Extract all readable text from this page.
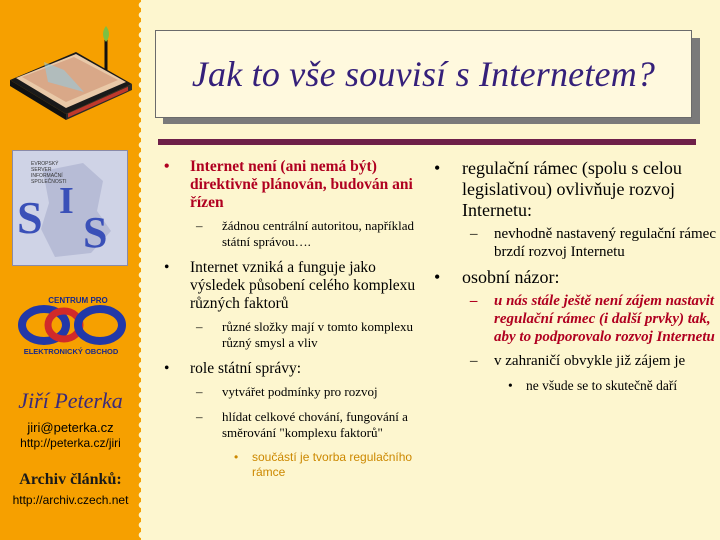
EVROPSKÝ
SERVER
INFORMAČNÍ
SPOLEČNOSTI
S I
S
CENTRUM PRO
ELEKTRONICKÝ OBCHOD
Jiří Peterka
jiri@peterka.cz
http://peterka.cz/jiri
Archiv článků:
http://archiv.czech.net
Jak to vše souvisí s Internetem?
• Internet není (ani nemá být) direktivně plánován, budován ani řízen
– žádnou centrální autoritou, například státní správou….
• Internet vzniká a funguje jako výsledek působení celého komplexu různých faktorů
– různé složky mají v tomto komplexu různý smysl a vliv
• role státní správy:
– vytvářet podmínky pro rozvoj
– hlídat celkové chování, fungování a směrování "komplexu faktorů"
• součástí je tvorba regulačního rámce
• regulační rámec (spolu s celou legislativou) ovlivňuje rozvoj Internetu:
– nevhodně nastavený regulační rámec brzdí rozvoj Internetu
• osobní názor:
– u nás stále ještě není zájem nastavit regulační rámec (i další prvky) tak, aby to podporovalo rozvoj Internetu
– v zahraničí obvykle již zájem je
• ne všude se to skutečně daří
